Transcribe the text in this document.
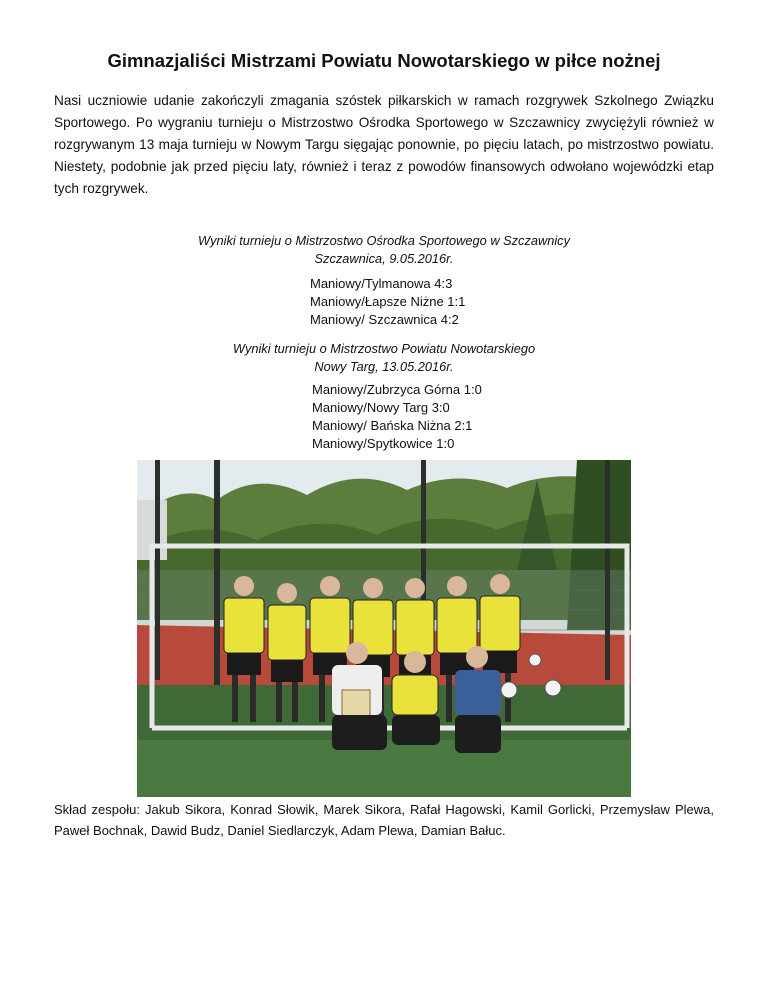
Gimnazjaliści Mistrzami Powiatu Nowotarskiego w piłce nożnej

Nasi uczniowie udanie zakończyli zmagania szóstek piłkarskich w ramach rozgrywek Szkolnego Związku Sportowego. Po wygraniu turnieju o Mistrzostwo Ośrodka Sportowego w Szczawnicy zwyciężyli również w rozgrywanym 13 maja turnieju w Nowym Targu sięgając ponownie, po pięciu latach, po mistrzostwo powiatu. Niestety, podobnie jak przed pięciu laty, również i teraz z powodów finansowych odwołano wojewódzki etap tych rozgrywek.

Wyniki turnieju o Mistrzostwo Ośrodka Sportowego w Szczawnicy
Szczawnica, 9.05.2016r.
Maniowy/Tylmanowa 4:3
Maniowy/Łapsze Niżne 1:1
Maniowy/ Szczawnica 4:2
Wyniki turnieju o Mistrzostwo Powiatu Nowotarskiego
Nowy Targ, 13.05.2016r.
Maniowy/Zubrzyca Górna 1:0
Maniowy/Nowy Targ 3:0
Maniowy/ Bańska Niżna 2:1
Maniowy/Spytkowice 1:0

Skład zespołu: Jakub Sikora, Konrad Słowik, Marek Sikora, Rafał Hagowski, Kamil Gorlicki, Przemysław Plewa, Paweł Bochnak, Dawid Budz, Daniel Siedlarczyk, Adam Plewa, Damian Bałuc.
